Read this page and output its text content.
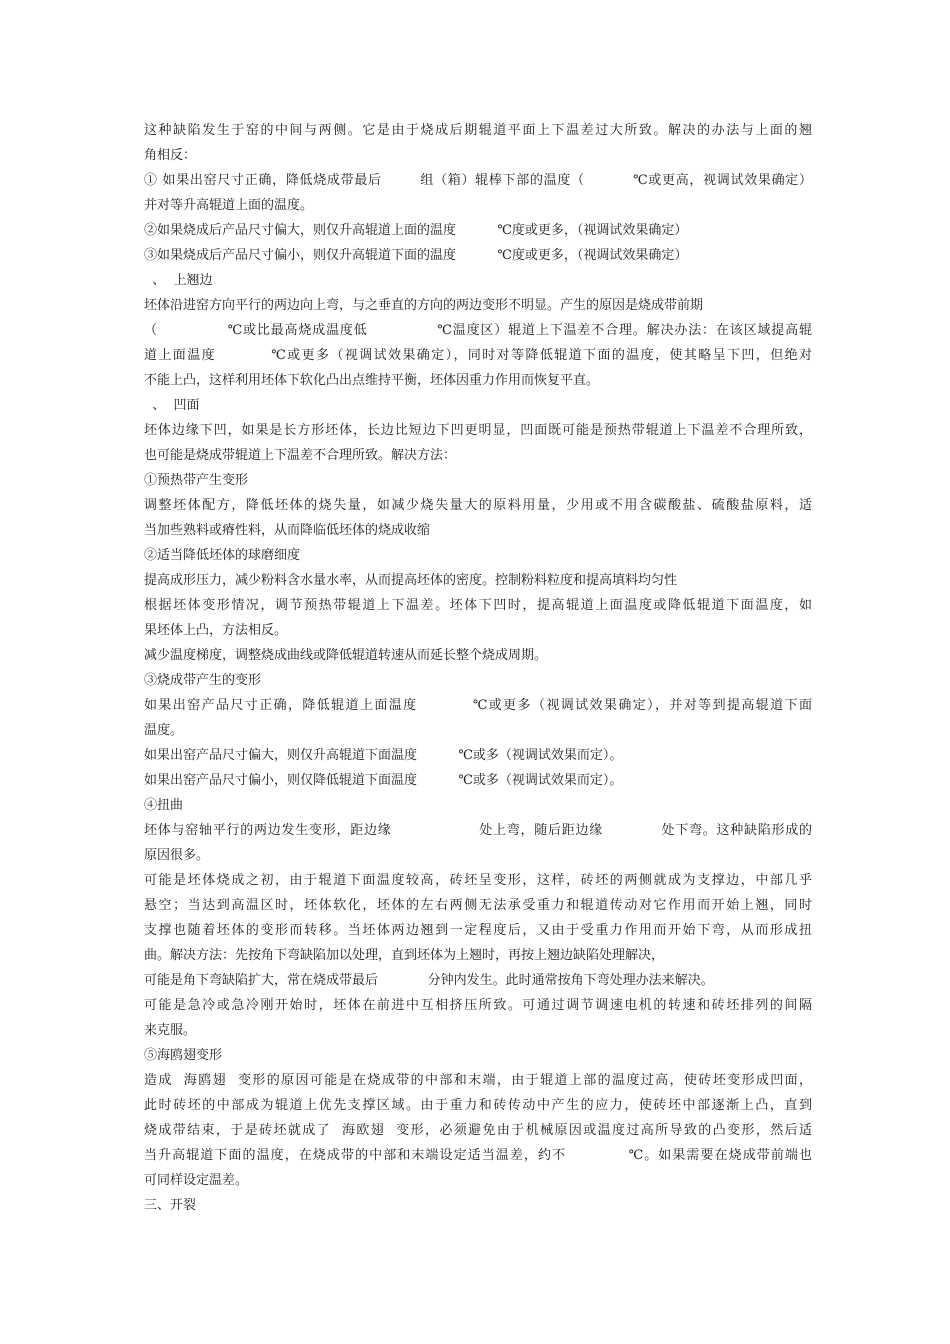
这种缺陷发生于窑的中间与两侧。它是由于烧成后期辊道平面上下温差过大所致。解决的办法与上面的翘
角相反：
① 如果出窑尺寸正确，降低烧成带最后        组（箱）辊棒下部的温度（          ℃或更高，视调试效果确定）
并对等升高辊道上面的温度。
②如果烧成后产品尺寸偏大，则仅升高辊道上面的温度          ℃度或更多，（视调试效果确定）
③如果烧成后产品尺寸偏小，则仅升高辊道下面的温度          ℃度或更多，（视调试效果确定）
、  上翘边
坯体沿进窑方向平行的两边向上弯，与之垂直的方向的两边变形不明显。产生的原因是烧成带前期
（              ℃或比最高烧成温度低              ℃温度区）辊道上下温差不合理。解决办法：在该区域提高辊
道上面温度          ℃或更多（视调试效果确定），同时对等降低辊道下面的温度，使其略呈下凹，但绝对
不能上凸，这样利用坯体下软化凸出点维持平衡，坯体因重力作用而恢复平直。
、  凹面
坯体边缘下凹，如果是长方形坯体，长边比短边下凹更明显，凹面既可能是预热带辊道上下温差不合理所致，
也可能是烧成带辊道上下温差不合理所致。解决方法：
①预热带产生变形
调整坯体配方，降低坯体的烧失量，如减少烧失量大的原料用量，少用或不用含碳酸盐、硫酸盐原料，适
当加些熟料或瘠性料，从而降临低坯体的烧成收缩
②适当降低坯体的球磨细度
提高成形压力，减少粉料含水量水率，从而提高坯体的密度。控制粉料粒度和提高填料均匀性
根据坯体变形情况，调节预热带辊道上下温差。坯体下凹时，提高辊道上面温度或降低辊道下面温度，如
果坯体上凸，方法相反。
减少温度梯度，调整烧成曲线或降低辊道转速从而延长整个烧成周期。
③烧成带产生的变形
如果出窑产品尺寸正确，降低辊道上面温度          ℃或更多（视调试效果确定），并对等到提高辊道下面
温度。
如果出窑产品尺寸偏大，则仅升高辊道下面温度          ℃或多（视调试效果而定）。
如果出窑产品尺寸偏小，则仅降低辊道下面温度          ℃或多（视调试效果而定）。
④扭曲
坯体与窑轴平行的两边发生变形，距边缘                  处上弯，随后距边缘            处下弯。这种缺陷形成的
原因很多。
可能是坯体烧成之初，由于辊道下面温度较高，砖坯呈变形，这样，砖坯的两侧就成为支撑边，中部几乎
悬空；当达到高温区时，坯体软化，坯体的左右两侧无法承受重力和辊道传动对它作用而开始上翘，同时
支撑也随着坯体的变形而转移。当坯体两边翘到一定程度后，又由于受重力作用而开始下弯，从而形成扭
曲。解决方法：先按角下弯缺陷加以处理，直到坯体为上翘时，再按上翘边缺陷处理解决，
可能是角下弯缺陷扩大，常在烧成带最后            分钟内发生。此时通常按角下弯处理办法来解决。
可能是急冷或急冷刚开始时，坯体在前进中互相挤压所致。可通过调节调速电机的转速和砖坯排列的间隔
来克服。
⑤海鸥翅变形
造成  海鸥翅  变形的原因可能是在烧成带的中部和末端，由于辊道上部的温度过高，使砖坯变形成凹面，
此时砖坯的中部成为辊道上优先支撑区域。由于重力和砖传动中产生的应力，使砖坯中部逐渐上凸，直到
烧成带结束，于是砖坯就成了  海欧翅  变形，必须避免由于机械原因或温度过高所导致的凸变形，然后适
当升高辊道下面的温度，在烧成带的中部和末端设定适当温差，约不            ℃。如果需要在烧成带前端也
可同样设定温差。
三、开裂
